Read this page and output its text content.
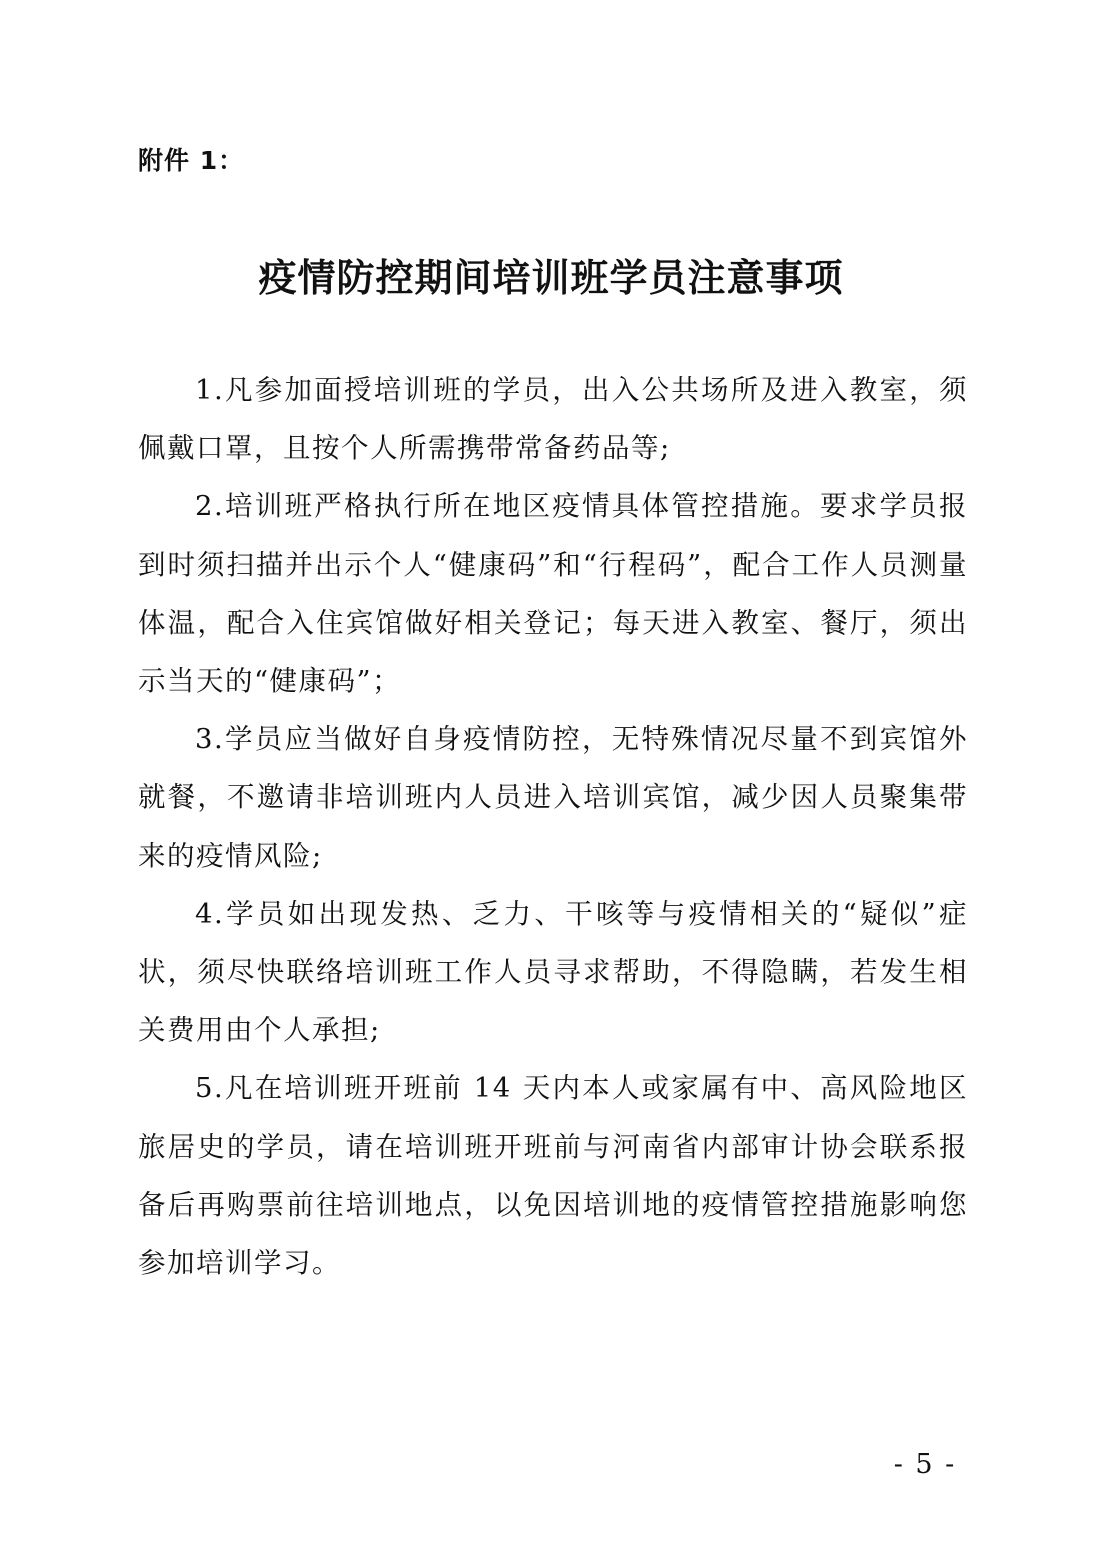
附件 1：
疫情防控期间培训班学员注意事项

1.凡参加面授培训班的学员，出入公共场所及进入教室，须佩戴口罩，且按个人所需携带常备药品等;

2.培训班严格执行所在地区疫情具体管控措施。要求学员报到时须扫描并出示个人“健康码”和“行程码”，配合工作人员测量体温，配合入住宾馆做好相关登记；每天进入教室、餐厅，须出示当天的“健康码”；

3.学员应当做好自身疫情防控，无特殊情况尽量不到宾馆外就餐，不邀请非培训班内人员进入培训宾馆，减少因人员聚集带来的疫情风险;

4.学员如出现发热、乏力、干咳等与疫情相关的“疑似”症状，须尽快联络培训班工作人员寻求帮助，不得隐瞒，若发生相关费用由个人承担;

5.凡在培训班开班前 14 天内本人或家属有中、高风险地区旅居史的学员，请在培训班开班前与河南省内部审计协会联系报备后再购票前往培训地点，以免因培训地的疫情管控措施影响您参加培训学习。

- 5 -
